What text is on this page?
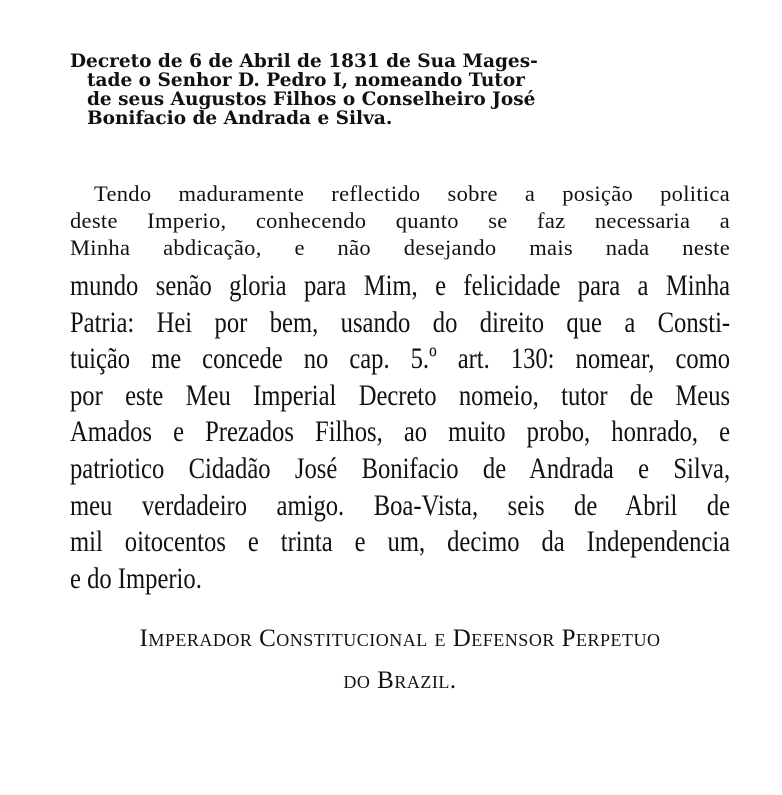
Decreto de 6 de Abril de 1831 de Sua Mages-
tade o Senhor D. Pedro I, nomeando Tutor
de seus Augustos Filhos o Conselheiro José
Bonifacio de Andrada e Silva.
Tendo maduramente reflectido sobre a posição politica
deste Imperio, conhecendo quanto se faz necessaria a
Minha abdicação, e não desejando mais nada neste
mundo senão gloria para Mim, e felicidade para a Minha
Patria: Hei por bem, usando do direito que a Consti-
tuição me concede no cap. 5.º art. 130: nomear, como
por este Meu Imperial Decreto nomeio, tutor de Meus
Amados e Prezados Filhos, ao muito probo, honrado, e
patriotico Cidadão José Bonifacio de Andrada e Silva,
meu verdadeiro amigo. Boa-Vista, seis de Abril de
mil oitocentos e trinta e um, decimo da Independencia
e do Imperio.
Imperador Constitucional e Defensor Perpetuo
do Brazil.
